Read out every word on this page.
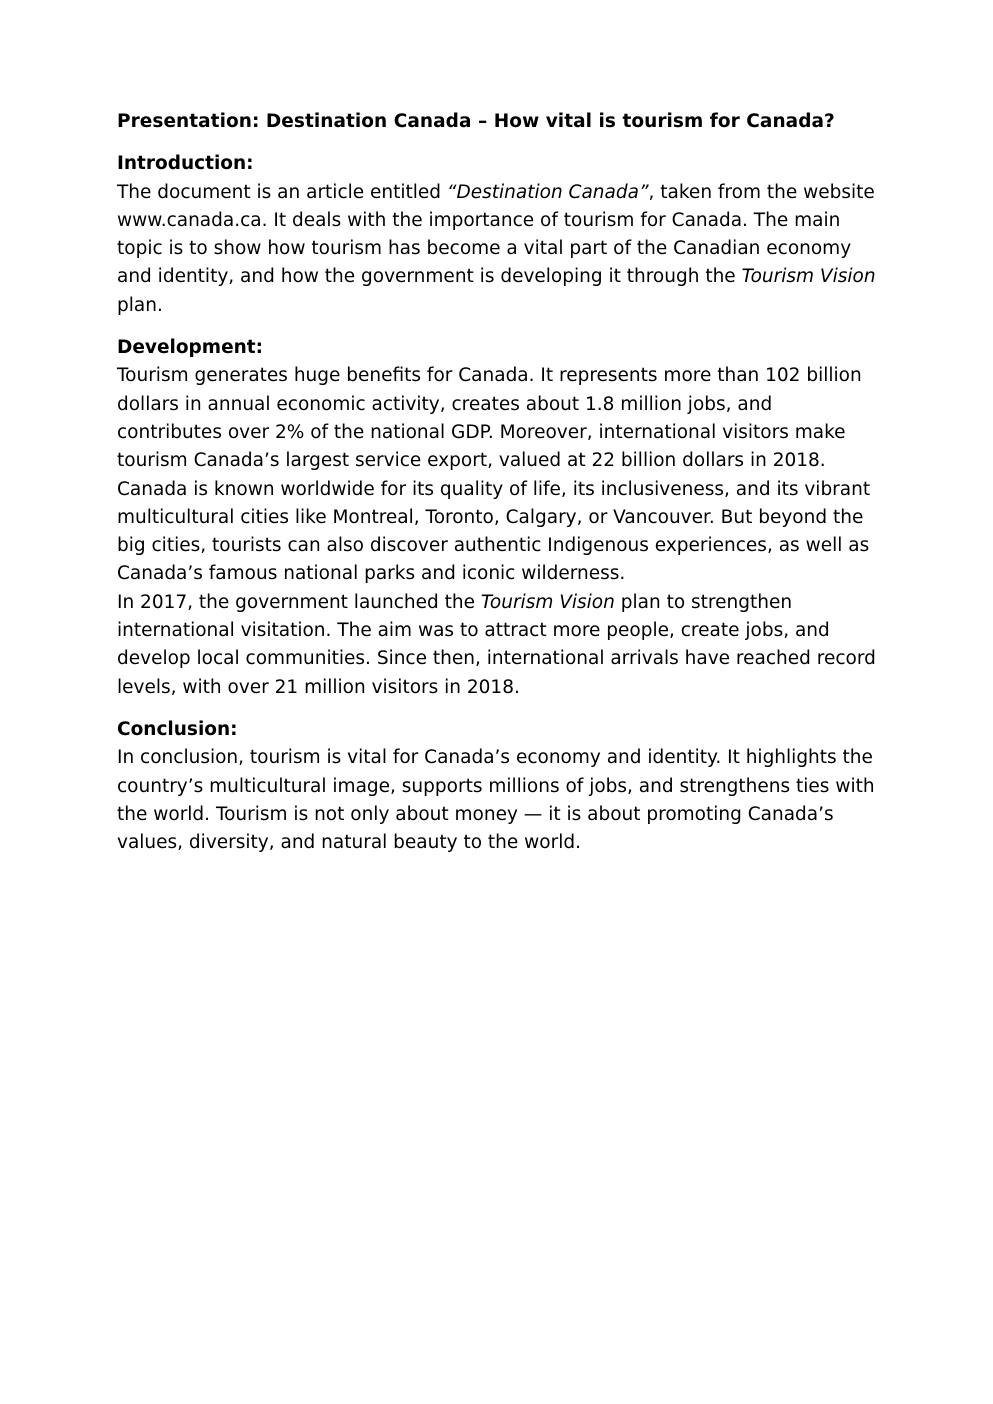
Presentation: Destination Canada – How vital is tourism for Canada?
Introduction:
The document is an article entitled “Destination Canada”, taken from the website www.canada.ca. It deals with the importance of tourism for Canada. The main topic is to show how tourism has become a vital part of the Canadian economy and identity, and how the government is developing it through the Tourism Vision plan.
Development:
Tourism generates huge benefits for Canada. It represents more than 102 billion dollars in annual economic activity, creates about 1.8 million jobs, and contributes over 2% of the national GDP. Moreover, international visitors make tourism Canada’s largest service export, valued at 22 billion dollars in 2018.
Canada is known worldwide for its quality of life, its inclusiveness, and its vibrant multicultural cities like Montreal, Toronto, Calgary, or Vancouver. But beyond the big cities, tourists can also discover authentic Indigenous experiences, as well as Canada’s famous national parks and iconic wilderness.
In 2017, the government launched the Tourism Vision plan to strengthen international visitation. The aim was to attract more people, create jobs, and develop local communities. Since then, international arrivals have reached record levels, with over 21 million visitors in 2018.
Conclusion:
In conclusion, tourism is vital for Canada’s economy and identity. It highlights the country’s multicultural image, supports millions of jobs, and strengthens ties with the world. Tourism is not only about money — it is about promoting Canada’s values, diversity, and natural beauty to the world.
